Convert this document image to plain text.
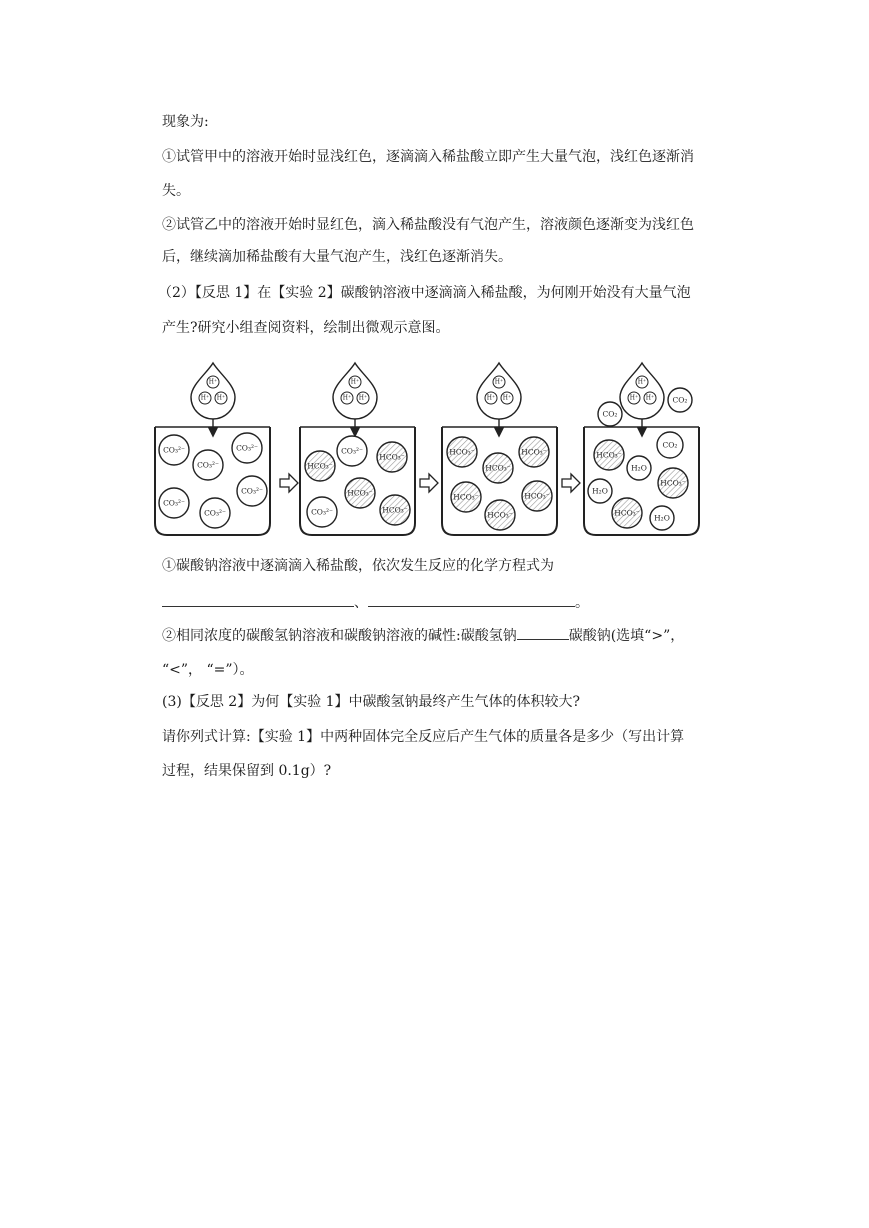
现象为:
①试管甲中的溶液开始时显浅红色，逐滴滴入稀盐酸立即产生大量气泡，浅红色逐渐消
失。
②试管乙中的溶液开始时显红色，滴入稀盐酸没有气泡产生，溶液颜色逐渐变为浅红色
后，继续滴加稀盐酸有大量气泡产生，浅红色逐渐消失。
（2）【反思 1】在【实验 2】碳酸钠溶液中逐滴滴入稀盐酸，为何刚开始没有大量气泡
产生?研究小组查阅资料，绘制出微观示意图。
H⁺
H⁺ H⁺
CO₃²⁻	CO₃²⁻
CO₃²⁻
CO₃²⁻
CO₃²⁻
CO₃²⁻
H⁺
H⁺ H⁺
HCO₃⁻
CO₃²⁻
HCO₃⁻
HCO₃⁻
CO₃²⁻	HCO₃⁻
H⁺
H⁺ H⁺
HCO₃⁻	HCO₃⁻
HCO₃⁻
HCO₃⁻	HCO₃⁻
HCO₃⁻
H⁺
H⁺ H⁺
CO₂
CO₂
HCO₃⁻
CO₂
H₂O
H₂O
HCO₃⁻
HCO₃⁻
H₂O
①碳酸钠溶液中逐滴滴入稀盐酸，依次发生反应的化学方程式为
、	。
②相同浓度的碳酸氢钠溶液和碳酸钠溶液的碱性:碳酸氢钠	碳酸钠(选填“>”，
“<”， “=”）。
(3)【反思 2】为何【实验 1】中碳酸氢钠最终产生气体的体积较大?
请你列式计算:【实验 1】中两种固体完全反应后产生气体的质量各是多少（写出计算
过程，结果保留到 0.1g）?
